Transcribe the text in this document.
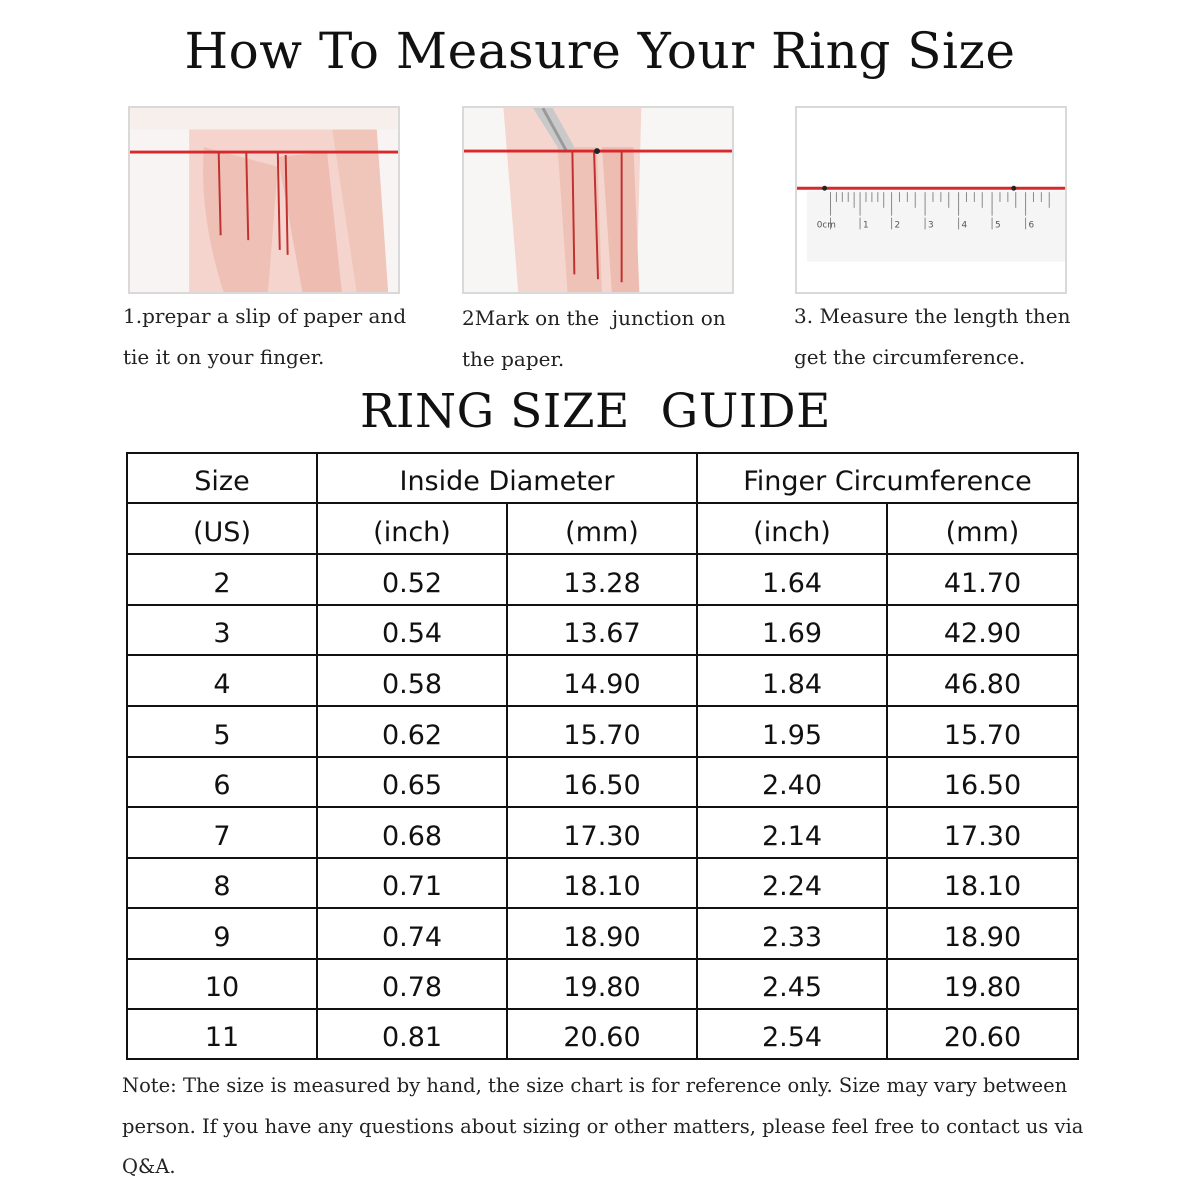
How To Measure Your Ring Size
1.prepar a slip of paper and
tie it on your finger.
2Mark on the  junction on
the paper.
0cm	1	2	3	4	5	6
3. Measure the length then
get the circumference.
RING SIZE  GUIDE
Size	Inside Diameter	Finger Circumference
(US)	(inch)	(mm)	(inch)	(mm)
2	0.52	13.28	1.64	41.70
3	0.54	13.67	1.69	42.90
4	0.58	14.90	1.84	46.80
5	0.62	15.70	1.95	15.70
6	0.65	16.50	2.40	16.50
7	0.68	17.30	2.14	17.30
8	0.71	18.10	2.24	18.10
9	0.74	18.90	2.33	18.90
10	0.78	19.80	2.45	19.80
11	0.81	20.60	2.54	20.60
Note: The size is measured by hand, the size chart is for reference only. Size may vary between
person. If you have any questions about sizing or other matters, please feel free to contact us via
Q&A.
